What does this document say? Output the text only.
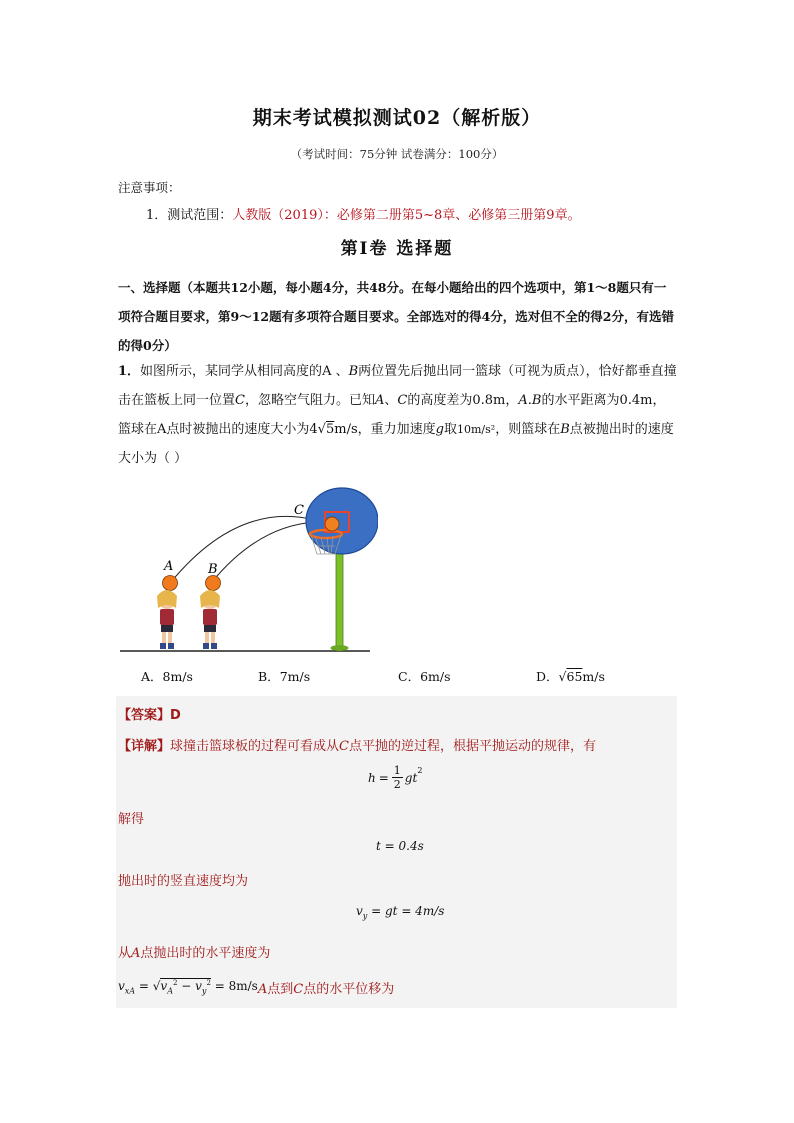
期末考试模拟测试02（解析版）
（考试时间：75分钟 试卷满分：100分）
注意事项：
1．测试范围：人教版（2019）：必修第二册第5~8章、必修第三册第9章。
第Ⅰ卷 选择题
一、选择题（本题共12小题，每小题4分，共48分。在每小题给出的四个选项中，第1～8题只有一项符合题目要求，第9～12题有多项符合题目要求。全部选对的得4分，选对但不全的得2分，有选错的得0分）
1．如图所示，某同学从相同高度的A 、B两位置先后抛出同一篮球（可视为质点），恰好都垂直撞击在篮板上同一位置C，忽略空气阻力。已知A、C的高度差为0.8m，A.B的水平距离为0.4m，篮球在A点时被抛出的速度大小为4√5m/s，重力加速度g取10m/s²，则篮球在B点被抛出时的速度大小为（ ）
A	B
C
A．8m/s	B．7m/s	C．6m/s	D．√65m/s
【答案】D
【详解】球撞击篮球板的过程可看成从C点平抛的逆过程，根据平抛运动的规律，有
$h = \frac{1}{2} gt^2$
解得
t = 0.4s
抛出时的竖直速度均为
$v_y$ = gt = 4m/s
从A点抛出时的水平速度为
$v_{xA} = √v_A^2 - v_y^2 = 8m/s$ A点到C点的水平位移为
